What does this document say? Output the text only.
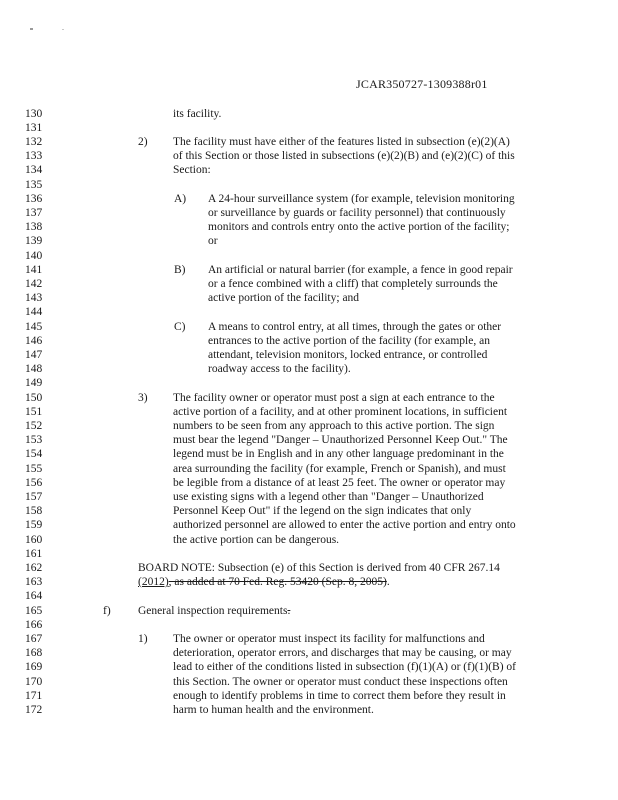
JCAR350727-1309388r01
130
131
132
133
134
135
136
137
138
139
140
141
142
143
144
145
146
147
148
149
150
151
152
153
154
155
156
157
158
159
160
161
162
163
164
165
166
167
168
169
170
171
172
2)
A)
B)
C)
3)
f)
1)
its facility.
The facility must have either of the features listed in subsection (e)(2)(A)
of this Section or those listed in subsections (e)(2)(B) and (e)(2)(C) of this
Section:
A 24-hour surveillance system (for example, television monitoring
or surveillance by guards or facility personnel) that continuously
monitors and controls entry onto the active portion of the facility;
or
An artificial or natural barrier (for example, a fence in good repair
or a fence combined with a cliff) that completely surrounds the
active portion of the facility; and
A means to control entry, at all times, through the gates or other
entrances to the active portion of the facility (for example, an
attendant, television monitors, locked entrance, or controlled
roadway access to the facility).
The facility owner or operator must post a sign at each entrance to the
active portion of a facility, and at other prominent locations, in sufficient
numbers to be seen from any approach to this active portion. The sign
must bear the legend "Danger – Unauthorized Personnel Keep Out." The
legend must be in English and in any other language predominant in the
area surrounding the facility (for example, French or Spanish), and must
be legible from a distance of at least 25 feet. The owner or operator may
use existing signs with a legend other than "Danger – Unauthorized
Personnel Keep Out" if the legend on the sign indicates that only
authorized personnel are allowed to enter the active portion and entry onto
the active portion can be dangerous.
BOARD NOTE: Subsection (e) of this Section is derived from 40 CFR 267.14
(2012), as added at 70 Fed. Reg. 53420 (Sep. 8, 2005).
General inspection requirements.
The owner or operator must inspect its facility for malfunctions and
deterioration, operator errors, and discharges that may be causing, or may
lead to either of the conditions listed in subsection (f)(1)(A) or (f)(1)(B) of
this Section. The owner or operator must conduct these inspections often
enough to identify problems in time to correct them before they result in
harm to human health and the environment.
